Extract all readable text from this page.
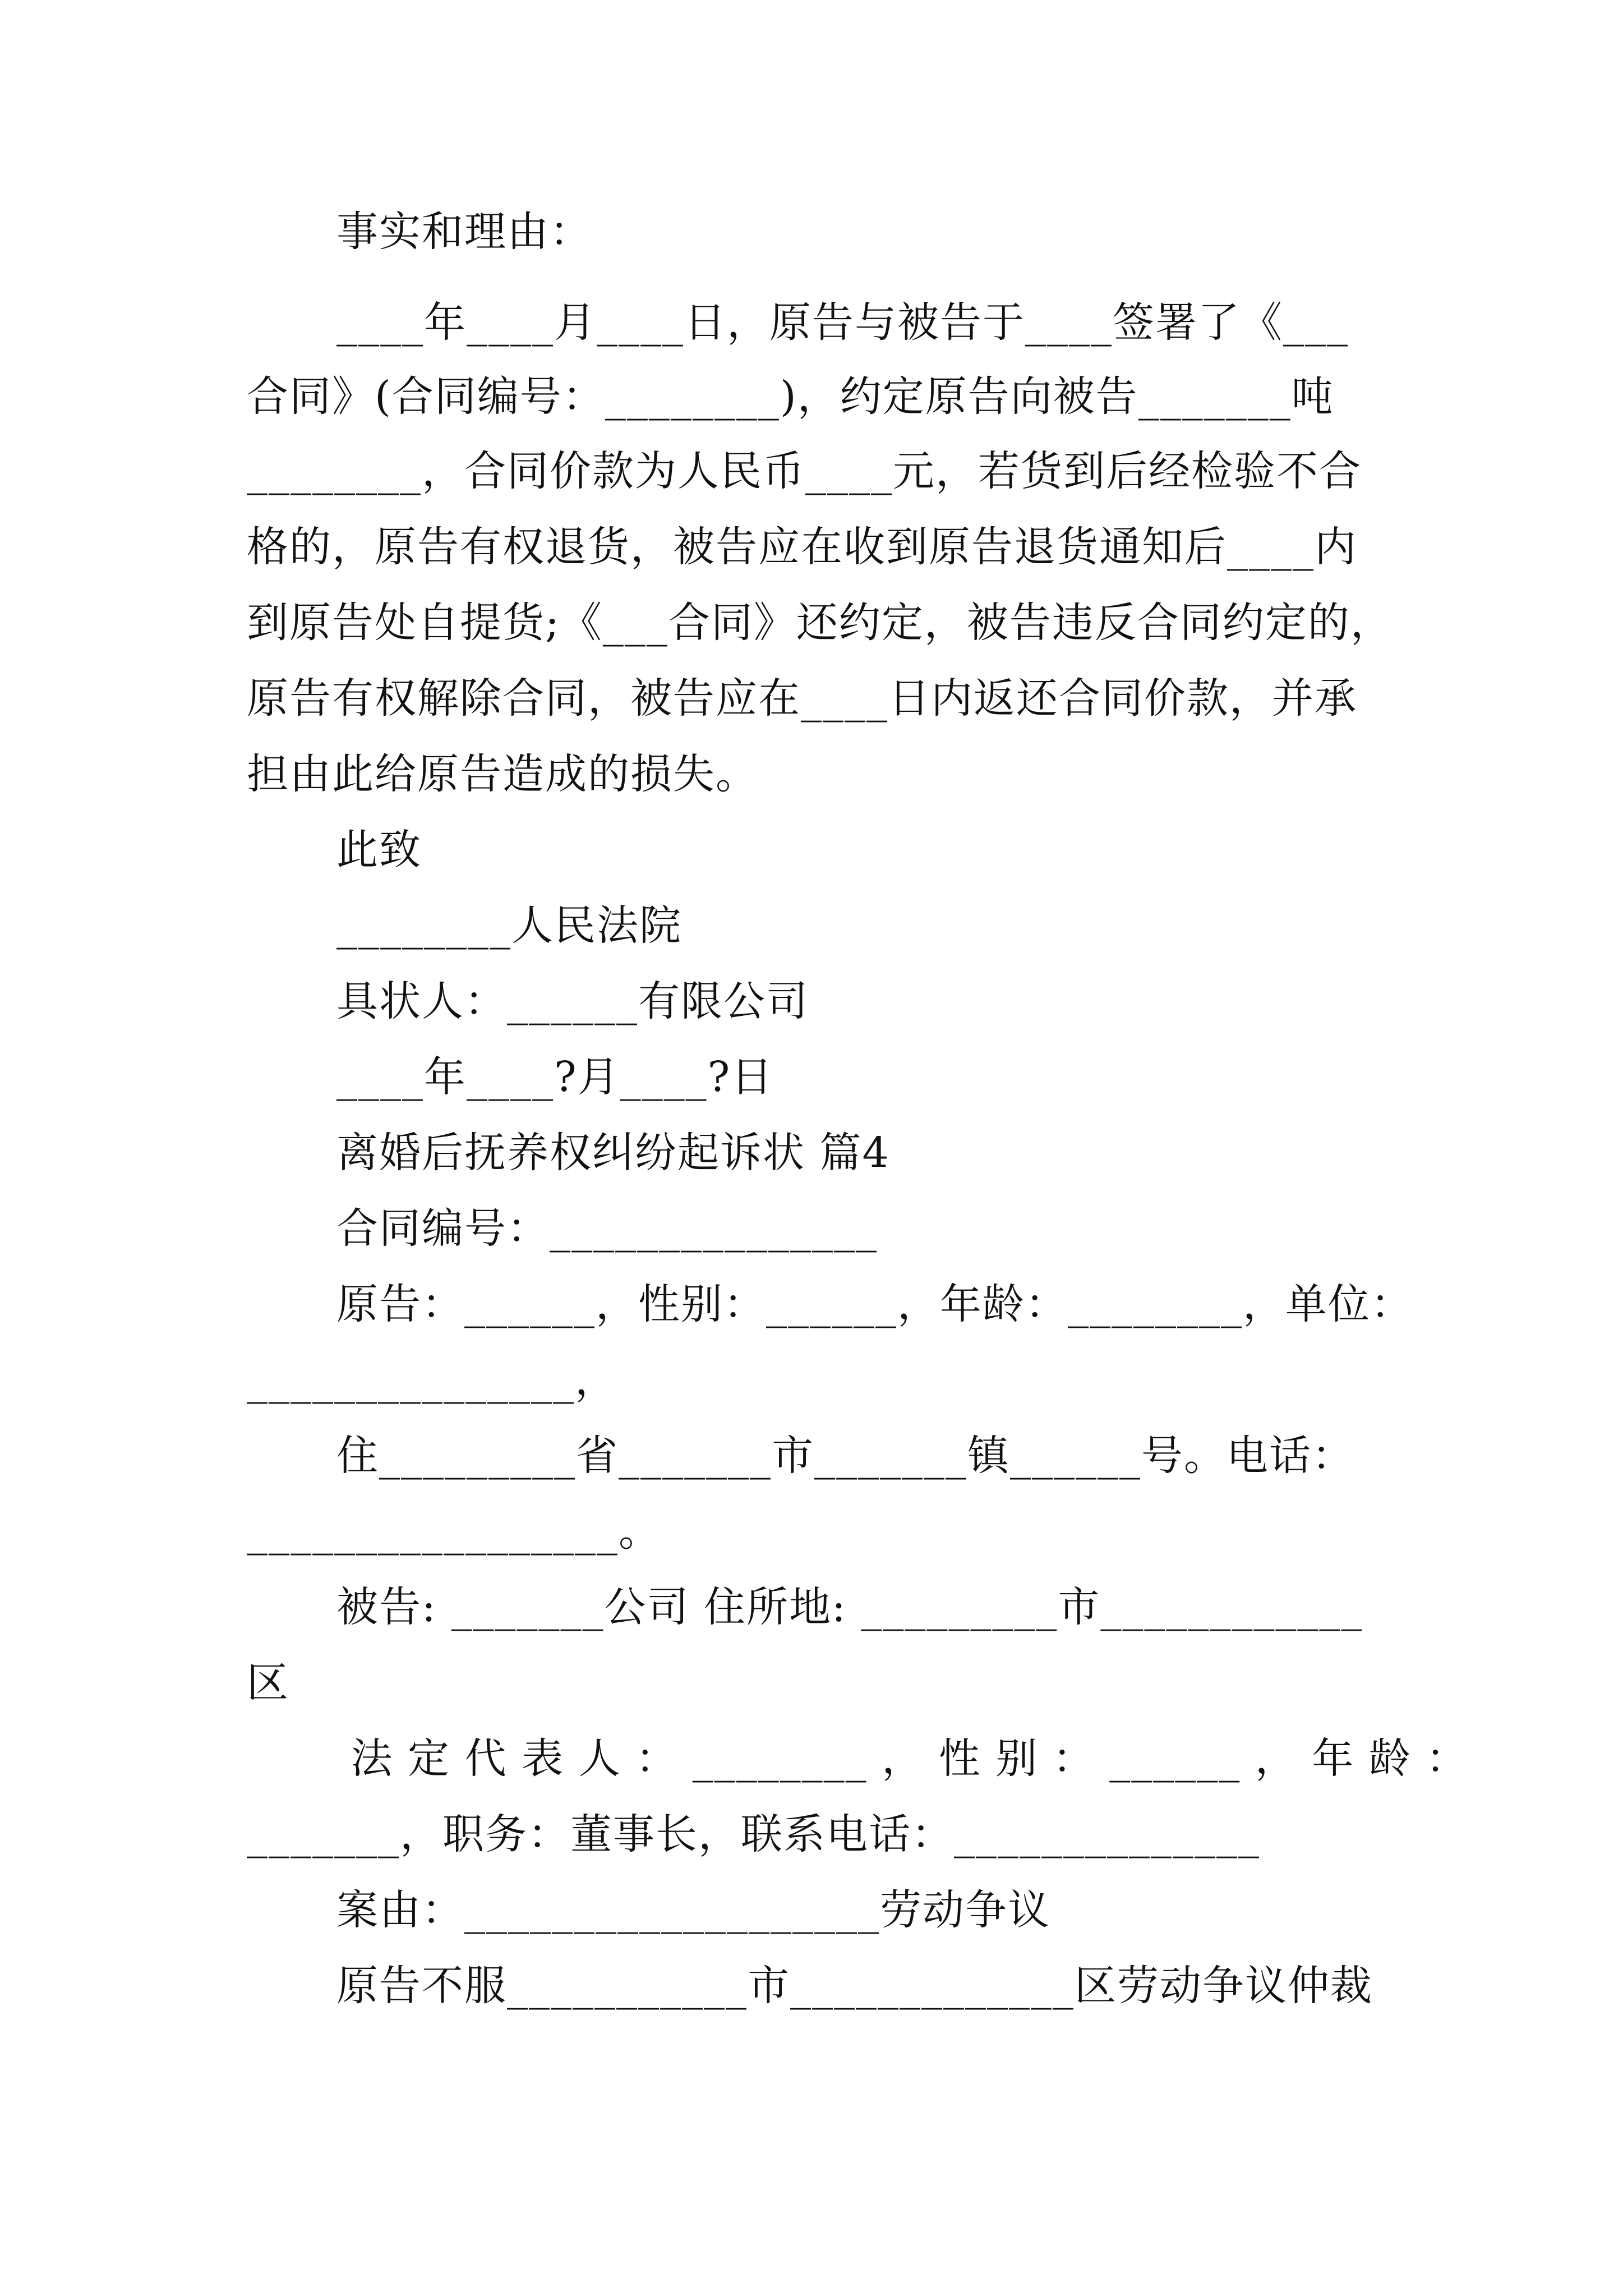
事实和理由：
____年____月____日，原告与被告于____签署了《___
合同》(合同编号：________)，约定原告向被告_______吨
________，合同价款为人民币____元，若货到后经检验不合
格的，原告有权退货，被告应在收到原告退货通知后____内
到原告处自提货;《___合同》还约定，被告违反合同约定的，
原告有权解除合同，被告应在____日内返还合同价款，并承
担由此给原告造成的损失。
此致
________人民法院
具状人：______有限公司
____年____?月____?日
离婚后抚养权纠纷起诉状 篇4
合同编号：_______________
原告：______，性别：______，年龄：________，单位：
_______________，
住_________省_______市_______镇______号。电话：
_________________。
被告: _______公司 住所地: _________市____________
区
法 定 代 表 人 ： ________ ， 性 别 ： ______ ， 年 龄 ：
_______，职务：董事长，联系电话：______________
案由：___________________劳动争议
原告不服___________市_____________区劳动争议仲裁
